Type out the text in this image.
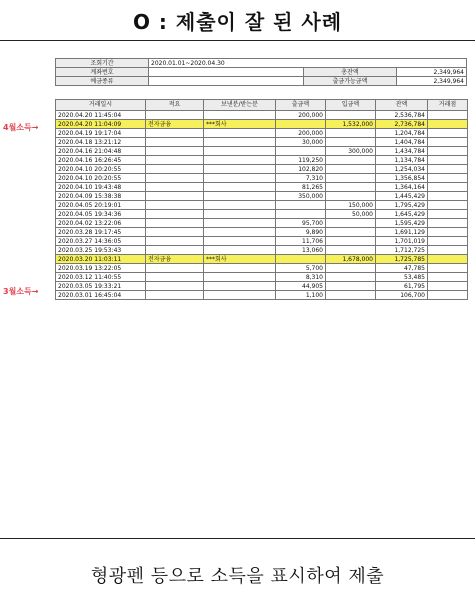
O : 제출이 잘 된 사례
조회기간	2020.01.01~2020.04.30		
계좌번호		총잔액	2,349,964
예금종류		출금가능금액	2,349,964
거래일시	적요	보낸분/받는분	출금액	입금액	잔액	거래점
2020.04.20 11:45:04			200,000		2,536,784	
2020.04.20 11:04:09	전자금융	***회사		1,532,000	2,736,784	
2020.04.19 19:17:04			200,000		1,204,784	
2020.04.18 13:21:12			30,000		1,404,784	
2020.04.16 21:04:48				300,000	1,434,784	
2020.04.16 16:26:45			119,250		1,134,784	
2020.04.10 20:20:55			102,820		1,254,034	
2020.04.10 20:20:55			7,310		1,356,854	
2020.04.10 19:43:48			81,265		1,364,164	
2020.04.09 15:38:38			350,000		1,445,429	
2020.04.05 20:19:01				150,000	1,795,429	
2020.04.05 19:34:36				50,000	1,645,429	
2020.04.02 13:22:06			95,700		1,595,429	
2020.03.28 19:17:45			9,890		1,691,129	
2020.03.27 14:36:05			11,706		1,701,019	
2020.03.25 19:53:43			13,060		1,712,725	
2020.03.20 11:03:11	전자금융	***회사		1,678,000	1,725,785	
2020.03.19 13:22:05			5,700		47,785	
2020.03.12 11:40:55			8,310		53,485	
2020.03.05 19:33:21			44,905		61,795	
2020.03.01 16:45:04			1,100		106,700	
4월소득→
3월소득→
형광펜 등으로 소득을 표시하여 제출
